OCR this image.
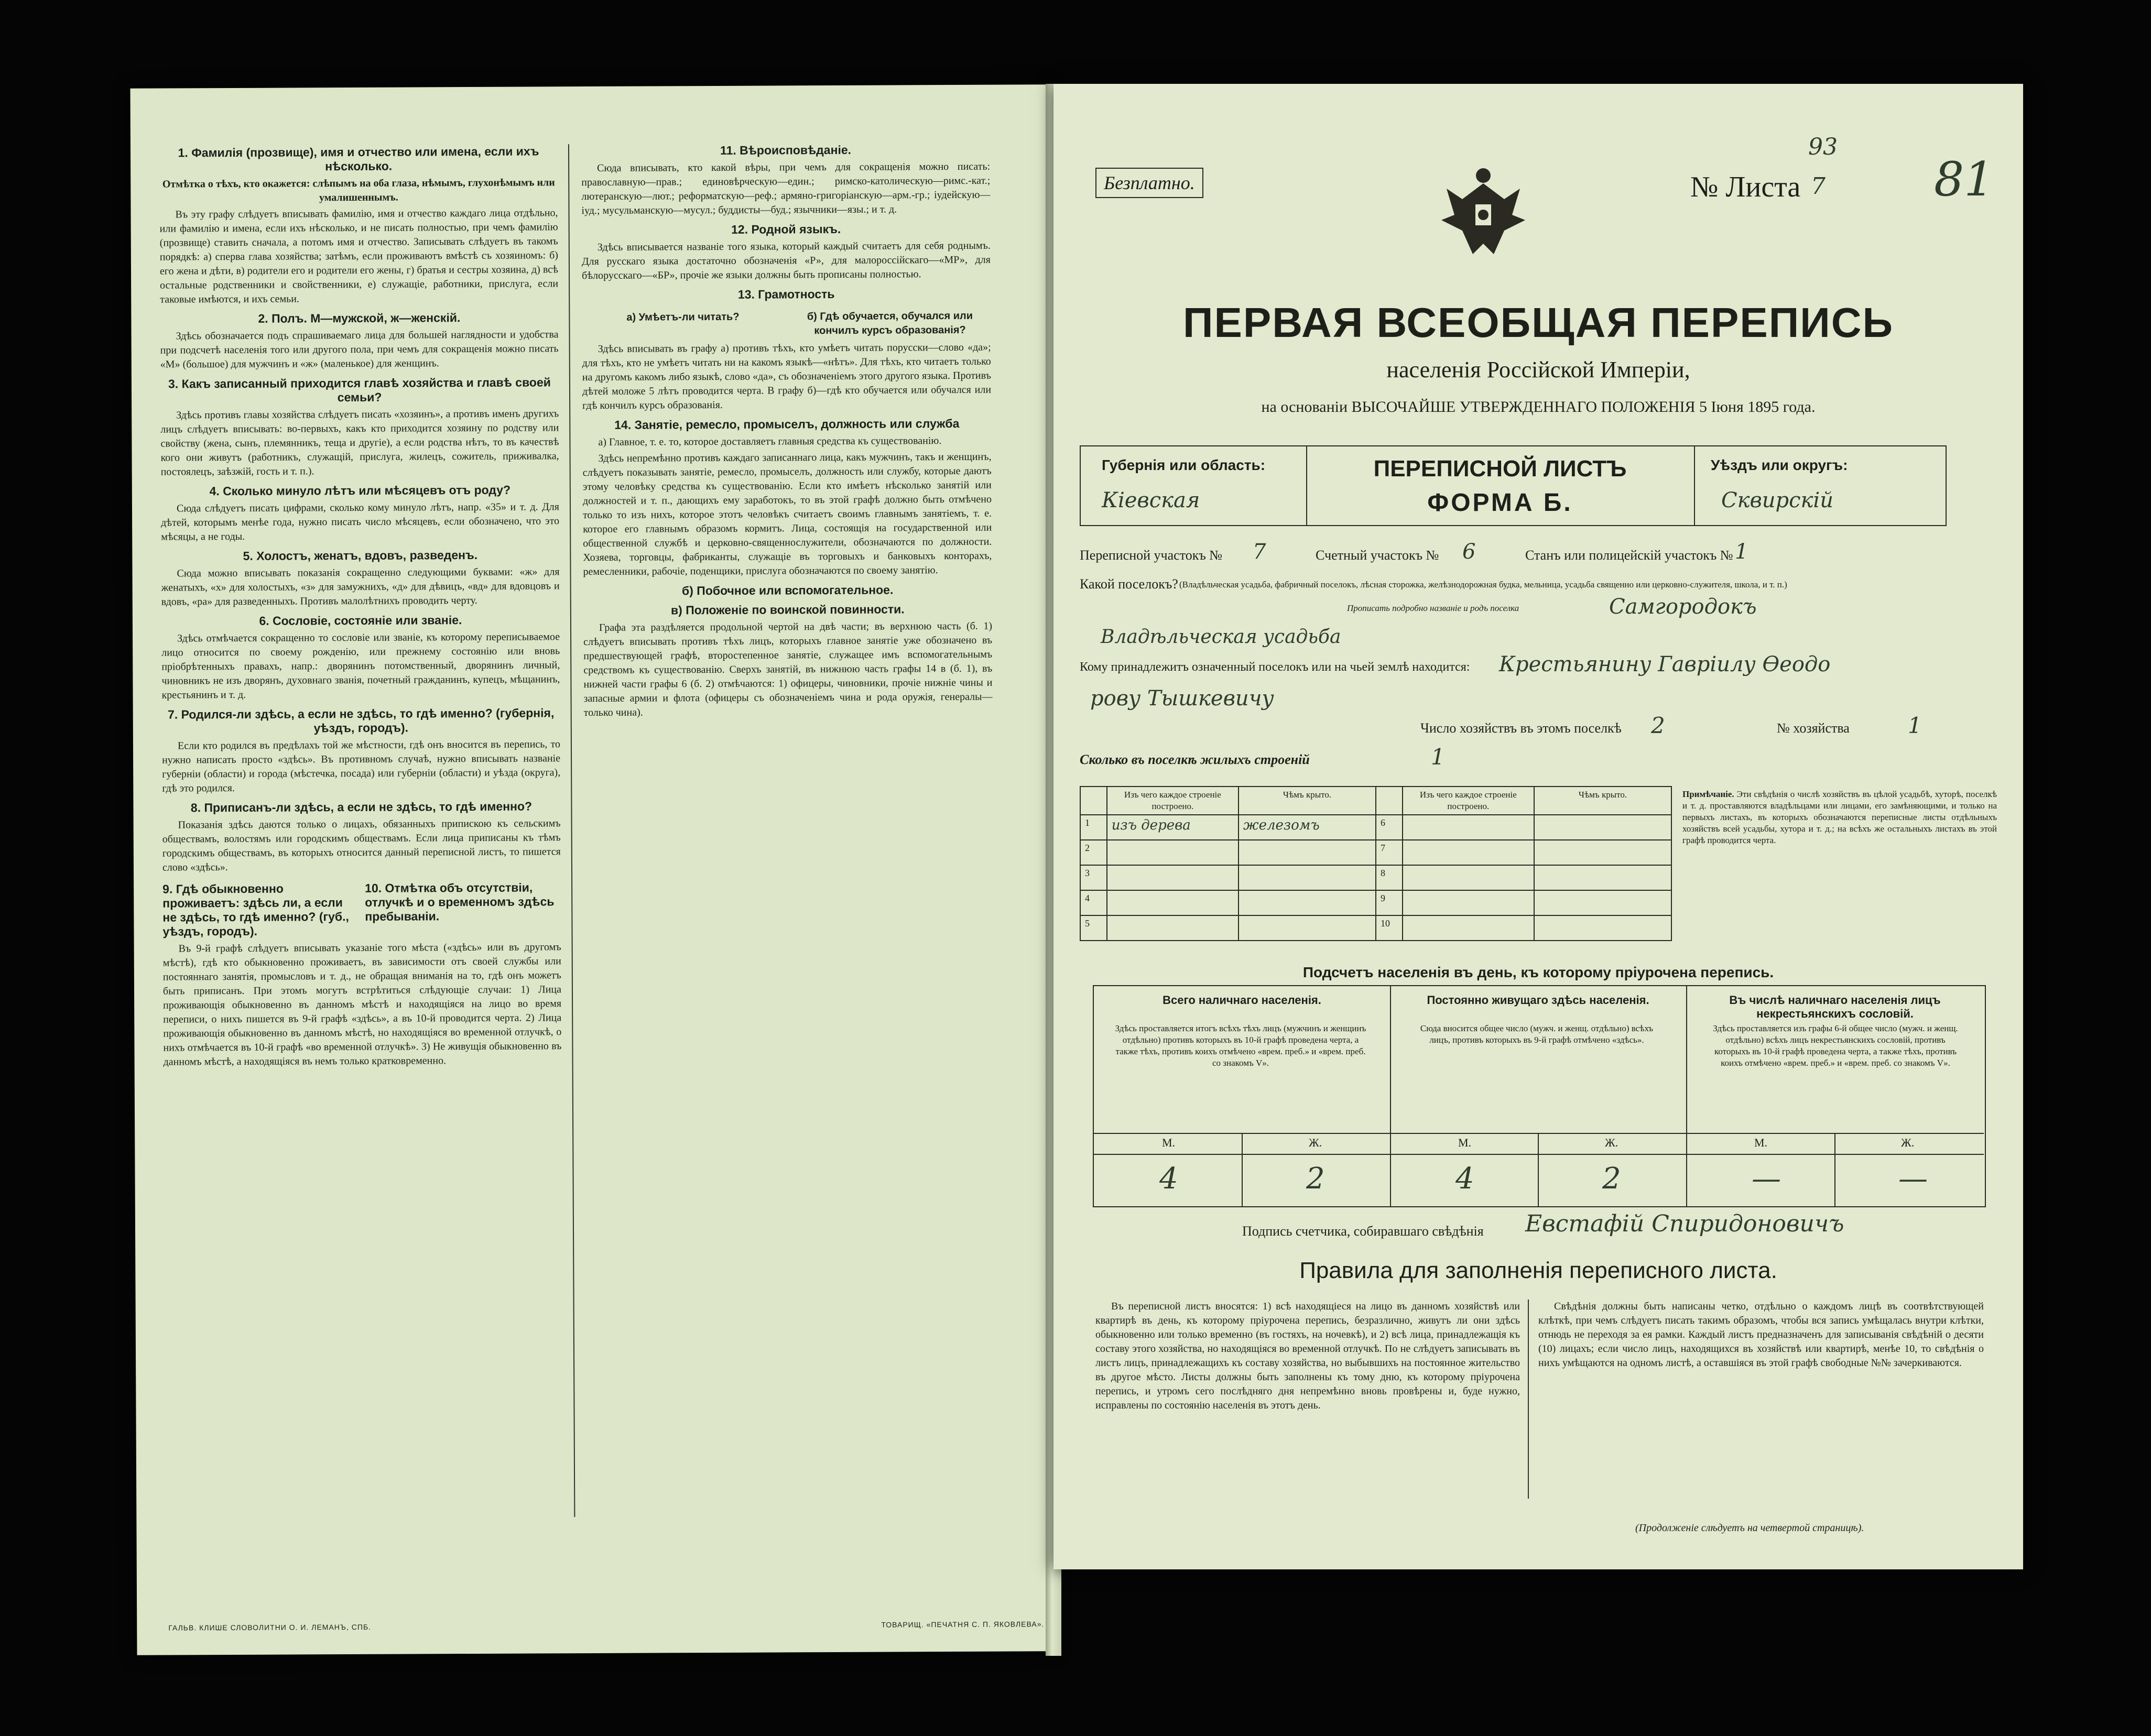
1. Фамилія (прозвище), имя и отчество или имена, если ихъ нѣсколько.

Отмѣтка о тѣхъ, кто окажется: слѣпымъ на оба глаза, нѣмымъ, глухонѣмымъ или умалишеннымъ.

Въ эту графу слѣдуетъ вписывать фамилію, имя и отчество каждаго лица отдѣльно, или фамилію и имена, если ихъ нѣсколько, и не писать полностью, при чемъ фамилію (прозвище) ставить сначала, а потомъ имя и отчество. Записывать слѣдуетъ въ такомъ порядкѣ: а) сперва глава хозяйства; затѣмъ, если проживаютъ вмѣстѣ съ хозяиномъ: б) его жена и дѣти, в) родители его и родители его жены, г) братья и сестры хозяина, д) всѣ остальные родственники и свойственники, е) служащіе, работники, прислуга, если таковые имѣются, и ихъ семьи.

2. Полъ. М—мужской, ж—женскій.

Здѣсь обозначается подъ спрашиваемаго лица для большей наглядности и удобства при подсчетѣ населенія того или другого пола, при чемъ для сокращенія можно писать «М» (большое) для мужчинъ и «ж» (маленькое) для женщинъ.

3. Какъ записанный приходится главѣ хозяйства и главѣ своей семьи?

Здѣсь противъ главы хозяйства слѣдуетъ писать «хозяинъ», а противъ именъ другихъ лицъ слѣдуетъ вписывать: во-первыхъ, какъ кто приходится хозяину по родству или свойству (жена, сынъ, племянникъ, теща и другіе), а если родства нѣтъ, то въ качествѣ кого они живутъ (работникъ, служащій, прислуга, жилецъ, сожитель, приживалка, постоялецъ, заѣзжій, гость и т. п.).

4. Сколько минуло лѣтъ или мѣсяцевъ отъ роду?

Сюда слѣдуетъ писать цифрами, сколько кому минуло лѣтъ, напр. «35» и т. д. Для дѣтей, которымъ менѣе года, нужно писать число мѣсяцевъ, если обозначено, что это мѣсяцы, а не годы.

5. Холостъ, женатъ, вдовъ, разведенъ.

Сюда можно вписывать показанія сокращенно следующими буквами: «ж» для женатыхъ, «х» для холостыхъ, «з» для замужнихъ, «д» для дѣвицъ, «вд» для вдовцовъ и вдовъ, «ра» для разведенныхъ. Противъ малолѣтнихъ проводить черту.

6. Сословіе, состояніе или званіе.

Здѣсь отмѣчается сокращенно то сословіе или званіе, къ которому переписываемое лицо относится по своему рожденію, или прежнему состоянію или вновь пріобрѣтенныхъ правахъ, напр.: дворянинъ потомственный, дворянинъ личный, чиновникъ не изъ дворянъ, духовнаго званія, почетный гражданинъ, купецъ, мѣщанинъ, крестьянинъ и т. д.

7. Родился-ли здѣсь, а если не здѣсь, то гдѣ именно? (губернія, уѣздъ, городъ).

Если кто родился въ предѣлахъ той же мѣстности, гдѣ онъ вносится въ перепись, то нужно написать просто «здѣсь». Въ противномъ случаѣ, нужно вписывать названіе губерніи (области) и города (мѣстечка, посада) или губерніи (области) и уѣзда (округа), гдѣ это родился.

8. Приписанъ-ли здѣсь, а если не здѣсь, то гдѣ именно?

Показанія здѣсь даются только о лицахъ, обязанныхъ припискою къ сельскимъ обществамъ, волостямъ или городскимъ обществамъ. Если лица приписаны къ тѣмъ городскимъ обществамъ, въ которыхъ относится данный переписной листъ, то пишется слово «здѣсь».

9. Гдѣ обыкновенно проживаетъ: здѣсь ли, а если не здѣсь, то гдѣ именно? (губ., уѣздъ, городъ).
10. Отмѣтка объ отсутствіи, отлучкѣ и о временномъ здѣсь пребываніи.

Въ 9-й графѣ слѣдуетъ вписывать указаніе того мѣста («здѣсь» или въ другомъ мѣстѣ), гдѣ кто обыкновенно проживаетъ, въ зависимости отъ своей службы или постояннаго занятія, промысловъ и т. д., не обращая вниманія на то, гдѣ онъ можетъ быть приписанъ. При этомъ могутъ встрѣтиться слѣдующіе случаи: 1) Лица проживающія обыкновенно въ данномъ мѣстѣ и находящіяся на лицо во время переписи, о нихъ пишется въ 9-й графѣ «здѣсь», а въ 10-й проводится черта. 2) Лица проживающія обыкновенно въ данномъ мѣстѣ, но находящіяся во временной отлучкѣ, о нихъ отмѣчается въ 10-й графѣ «во временной отлучкѣ». 3) Не живущія обыкновенно въ данномъ мѣстѣ, а находящіяся въ немъ только кратковременно.

11. Вѣроисповѣданіе.

Сюда вписывать, кто какой вѣры, при чемъ для сокращенія можно писать: православную—прав.; единовѣрческую—един.; римско-католическую—римс.-кат.; лютеранскую—лют.; реформатскую—реф.; армяно-григоріанскую—арм.-гр.; іудейскую—іуд.; мусульманскую—мусул.; буддисты—буд.; язычники—язы.; и т. д.

12. Родной языкъ.

Здѣсь вписывается названіе того языка, который каждый считаетъ для себя роднымъ. Для русскаго языка достаточно обозначенія «Р», для малороссійскаго—«МР», для бѣлорусскаго—«БР», прочіе же языки должны быть прописаны полностью.

13. Грамотность
а) Умѣетъ-ли читать?	б) Гдѣ обучается, обучался или кончилъ курсъ образованія?

Здѣсь вписывать въ графу а) противъ тѣхъ, кто умѣетъ читать порусски—слово «да»; для тѣхъ, кто не умѣетъ читать ни на какомъ языкѣ—«нѣтъ». Для тѣхъ, кто читаетъ только на другомъ какомъ либо языкѣ, слово «да», съ обозначеніемъ этого другого языка. Противъ дѣтей моложе 5 лѣтъ проводится черта. В графу б)—гдѣ кто обучается или обучался или гдѣ кончилъ курсъ образованія.

14. Занятіе, ремесло, промыселъ, должность или служба

а) Главное, т. е. то, которое доставляетъ главныя средства къ существованію.

Здѣсь непремѣнно противъ каждаго записаннаго лица, какъ мужчинъ, такъ и женщинъ, слѣдуетъ показывать занятіе, ремесло, промыселъ, должность или службу, которые даютъ этому человѣку средства къ существованію. Если кто имѣетъ нѣсколько занятій или должностей и т. п., дающихъ ему заработокъ, то въ этой графѣ должно быть отмѣчено только то изъ нихъ, которое этотъ человѣкъ считаетъ своимъ главнымъ занятіемъ, т. е. которое его главнымъ образомъ кормитъ. Лица, состоящія на государственной или общественной службѣ и церковно-священнослужители, обозначаются по должности. Хозяева, торговцы, фабриканты, служащіе въ торговыхъ и банковыхъ конторахъ, ремесленники, рабочіе, поденщики, прислуга обозначаются по своему занятію.

б) Побочное или вспомогательное.
в) Положеніе по воинской повинности.

Графа эта раздѣляется продольной чертой на двѣ части; въ верхнюю часть (б. 1) слѣдуетъ вписывать противъ тѣхъ лицъ, которыхъ главное занятіе уже обозначено въ предшествующей графѣ, второстепенное занятіе, служащее имъ вспомогательнымъ средствомъ къ существованію. Сверхъ занятій, въ нижнюю часть графы 14 в (б. 1), въ нижней части графы 6 (б. 2) отмѣчаются: 1) офицеры, чиновники, прочіе нижніе чины и запасные армии и флота (офицеры съ обозначеніемъ чина и рода оружія, генералы—только чина).

ГАЛЬВ. КЛИШЕ СЛОВОЛИТНИ О. И. ЛЕМАНЪ, СПБ.	ТОВАРИЩ. «ПЕЧАТНЯ С. П. ЯКОВЛЕВА».
93
81
Безплатно.	№ Листа 7
ПЕРВАЯ ВСЕОБЩАЯ ПЕРЕПИСЬ
населенія Россійской Имперіи,
на основаніи ВЫСОЧАЙШЕ УТВЕРЖДЕННАГО ПОЛОЖЕНІЯ 5 Іюня 1895 года.
Губернія или область:
Кіевская
ПЕРЕПИСНОЙ ЛИСТЪ
ФОРМА Б.
Уѣздъ или округъ:
Сквирскій
Переписной участокъ № 7	Счетный участокъ № 6	Станъ или полицейскій участокъ № 1
Какой поселокъ? (Владѣльческая усадьба, фабричный поселокъ, лѣсная сторожка, желѣзнодорожная будка, мельница, усадьба священно или церковно-служителя, школа, и т. п.)
Прописать подробно названіе и родъ поселка	Самгородокъ
Владѣльческая усадьба
Кому принадлежитъ означенный поселокъ или на чьей землѣ находится: Крестьянину Гавріилу Ѳеодо
рову Тышкевичу
Число хозяйствъ въ этомъ поселкѣ 2	№ хозяйства	1
Сколько въ поселкѣ жилыхъ строеній	1
	Изъ чего каждое строеніе построено.	Чѣмъ крыто.		Изъ чего каждое строеніе построено.	Чѣмъ крыто.
1	изъ дерева	железомъ	6		
2			7		
3			8		
4			9		
5			10		
Примѣчаніе. Эти свѣдѣнія о числѣ хозяйствъ въ цѣлой усадьбѣ, хуторѣ, поселкѣ и т. д. проставляются владѣльцами или лицами, его замѣняющими, и только на первыхъ листахъ, въ которыхъ обозначаются переписные листы отдѣльныхъ хозяйствъ всей усадьбы, хутора и т. д.; на всѣхъ же остальныхъ листахъ въ этой графѣ проводится черта.
Подсчетъ населенія въ день, къ которому пріурочена перепись.
Всего наличнаго населенія.
Здѣсь проставляется итогъ всѣхъ тѣхъ лицъ (мужчинъ и женщинъ отдѣльно) противъ которыхъ въ 10-й графѣ проведена черта, а также тѣхъ, противъ коихъ отмѣчено «врем. преб.» и «врем. преб. со знакомъ V».
Постоянно живущаго здѣсь населенія.
Сюда вносится общее число (мужч. и женщ. отдѣльно) всѣхъ лицъ, противъ которыхъ въ 9-й графѣ отмѣчено «здѣсь».
Въ числѣ наличнаго населенія лицъ некрестьянскихъ сословій.
Здѣсь проставляется изъ графы 6-й общее число (мужч. и женщ. отдѣльно) всѣхъ лицъ некрестьянскихъ сословій, противъ которыхъ въ 10-й графѣ проведена черта, а также тѣхъ, противъ коихъ отмѣчено «врем. преб.» и «врем. преб. со знакомъ V».
М.	Ж.	М.	Ж.	М.	Ж.
4	2	4	2	—	—
Подпись счетчика, собиравшаго свѣдѣнія Евстафій Спиридоновичъ
Правила для заполненія переписного листа.
Въ переписной листъ вносятся: 1) всѣ находящіеся на лицо въ данномъ хозяйствѣ или квартирѣ въ день, къ которому пріурочена перепись, безразлично, живутъ ли они здѣсь обыкновенно или только временно (въ гостяхъ, на ночевкѣ), и 2) всѣ лица, принадлежащія къ составу этого хозяйства, но находящіяся во временной отлучкѣ. По не слѣдуетъ записывать въ листъ лицъ, принадлежащихъ къ составу хозяйства, но выбывшихъ на постоянное жительство въ другое мѣсто. Листы должны быть заполнены къ тому дню, къ которому пріурочена перепись, и утромъ сего послѣдняго дня непремѣнно вновь провѣрены и, буде нужно, исправлены по состоянію населенія въ этотъ день.
Свѣдѣнія должны быть написаны четко, отдѣльно о каждомъ лицѣ въ соотвѣтствующей клѣткѣ, при чемъ слѣдуетъ писать такимъ образомъ, чтобы вся запись умѣщалась внутри клѣтки, отнюдь не переходя за ея рамки. Каждый листъ предназначенъ для записыванія свѣдѣній о десяти (10) лицахъ; если число лицъ, находящихся въ хозяйствѣ или квартирѣ, менѣе 10, то свѣдѣнія о нихъ умѣщаются на одномъ листѣ, а оставшіяся въ этой графѣ свободные №№ зачеркиваются.
(Продолженіе слѣдуетъ на четвертой страницѣ).
